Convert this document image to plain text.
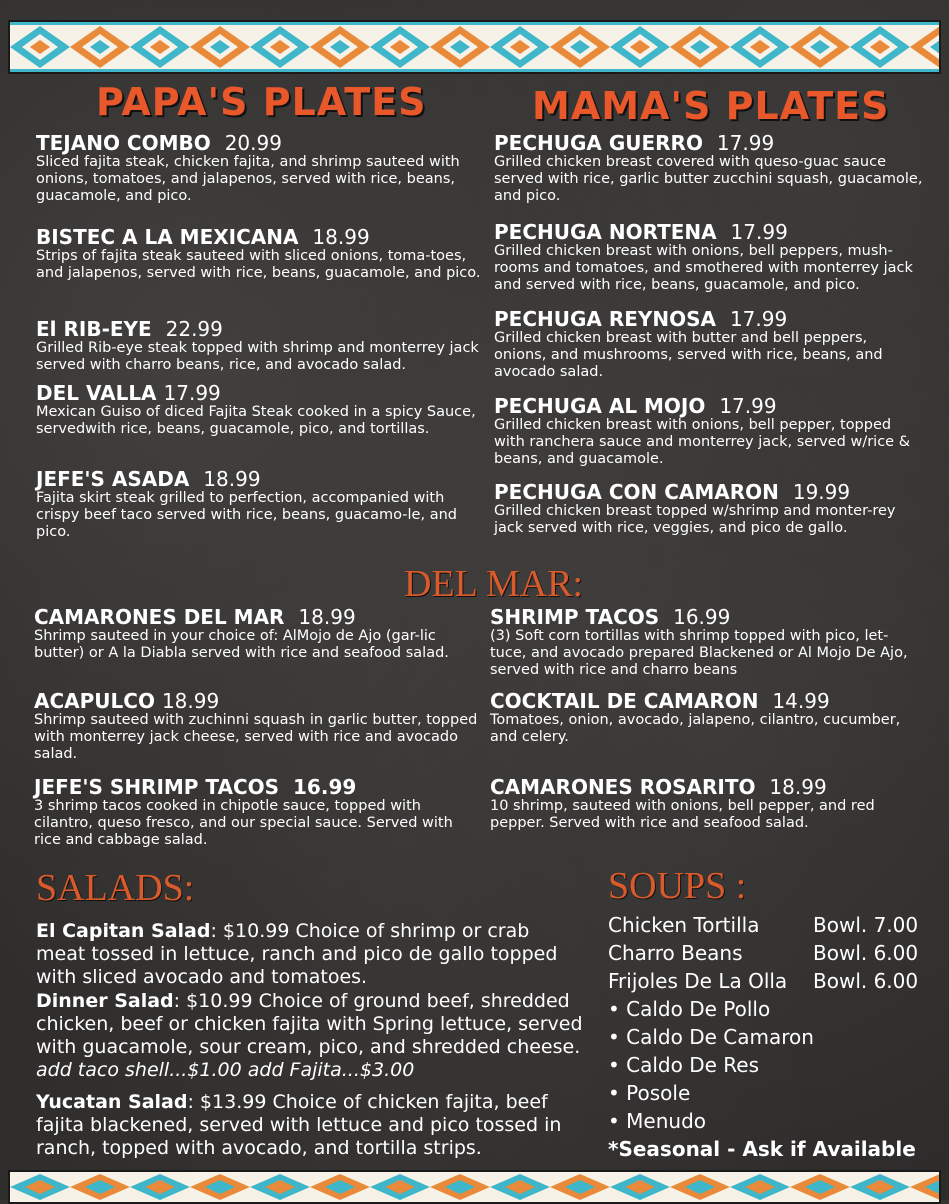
PAPA'S PLATES
TEJANO COMBO 20.99
Sliced fajita steak, chicken fajita, and shrimp sauteed with onions, tomatoes, and jalapenos, served with rice, beans, guacamole, and pico.
BISTEC A LA MEXICANA 18.99
Strips of fajita steak sauteed with sliced onions, toma-toes, and jalapenos, served with rice, beans, guacamole, and pico.
El RIB-EYE 22.99
Grilled Rib-eye steak topped with shrimp and monterrey jack served with charro beans, rice, and avocado salad.
DEL VALLA 17.99
Mexican Guiso of diced Fajita Steak cooked in a spicy Sauce, servedwith rice, beans, guacamole, pico, and tortillas.
JEFE'S ASADA 18.99
Fajita skirt steak grilled to perfection, accompanied with crispy beef taco served with rice, beans, guacamo-le, and pico.
MAMA'S PLATES
PECHUGA GUERRO 17.99
Grilled chicken breast covered with queso-guac sauce served with rice, garlic butter zucchini squash, guacamole, and pico.
PECHUGA NORTENA 17.99
Grilled chicken breast with onions, bell peppers, mush-rooms and tomatoes, and smothered with monterrey jack and served with rice, beans, guacamole, and pico.
PECHUGA REYNOSA 17.99
Grilled chicken breast with butter and bell peppers, onions, and mushrooms, served with rice, beans, and avocado salad.
PECHUGA AL MOJO 17.99
Grilled chicken breast with onions, bell pepper, topped with ranchera sauce and monterrey jack, served w/rice & beans, and guacamole.
PECHUGA CON CAMARON 19.99
Grilled chicken breast topped w/shrimp and monter-rey jack served with rice, veggies, and pico de gallo.
DEL MAR:
CAMARONES DEL MAR 18.99
Shrimp sauteed in your choice of: AlMojo de Ajo (gar-lic butter) or A la Diabla served with rice and seafood salad.
ACAPULCO 18.99
Shrimp sauteed with zuchinni squash in garlic butter, topped with monterrey jack cheese, served with rice and avocado salad.
JEFE'S SHRIMP TACOS 16.99
3 shrimp tacos cooked in chipotle sauce, topped with cilantro, queso fresco, and our special sauce. Served with rice and cabbage salad.
SHRIMP TACOS 16.99
(3) Soft corn tortillas with shrimp topped with pico, let-tuce, and avocado prepared Blackened or Al Mojo De Ajo, served with rice and charro beans
COCKTAIL DE CAMARON 14.99
Tomatoes, onion, avocado, jalapeno, cilantro, cucumber, and celery.
CAMARONES ROSARITO 18.99
10 shrimp, sauteed with onions, bell pepper, and red pepper. Served with rice and seafood salad.
SALADS:
El Capitan Salad: $10.99 Choice of shrimp or crab meat tossed in lettuce, ranch and pico de gallo topped with sliced avocado and tomatoes.
Dinner Salad: $10.99 Choice of ground beef, shredded chicken, beef or chicken fajita with Spring lettuce, served with guacamole, sour cream, pico, and shredded cheese.
add taco shell...$1.00 add Fajita...$3.00
Yucatan Salad: $13.99 Choice of chicken fajita, beef fajita blackened, served with lettuce and pico tossed in ranch, topped with avocado, and tortilla strips.
SOUPS :
Chicken Tortilla	Bowl. 7.00
Charro Beans	Bowl. 6.00
Frijoles De La Olla Bowl. 6.00
• Caldo De Pollo
• Caldo De Camaron
• Caldo De Res
• Posole
• Menudo
*Seasonal - Ask if Available
